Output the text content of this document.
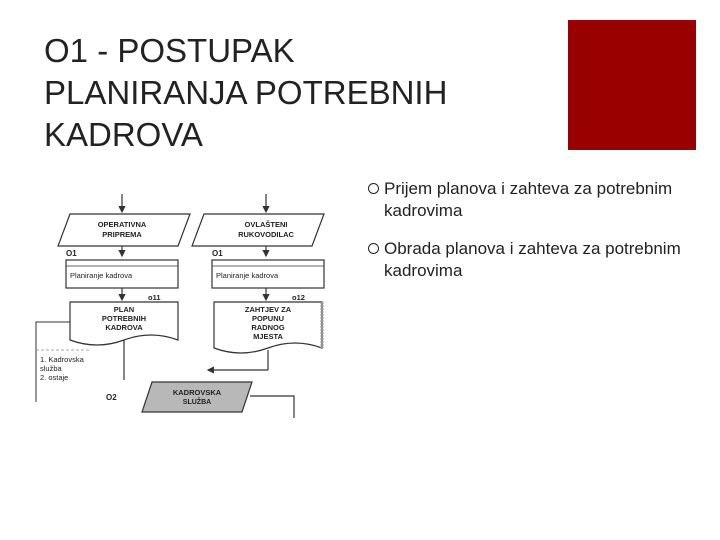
O1 - POSTUPAK
PLANIRANJA POTREBNIH
KADROVA
Prijem planova i zahteva za potrebnim kadrovima
Obrada planova i zahteva za potrebnim kadrovima
OPERATIVNA
PRIPREMA
OVLAŠTENI
RUKOVODILAC
O1
Planiranje kadrova
O1
Planiranje kadrova
o11	o12
PLAN
POTREBNIH
KADROVA
ZAHTJEV ZA
POPUNU
RADNOG
MJESTA
1. Kadrovska
služba
2. ostaje
O2
KADROVSKA
SLUŽBA
